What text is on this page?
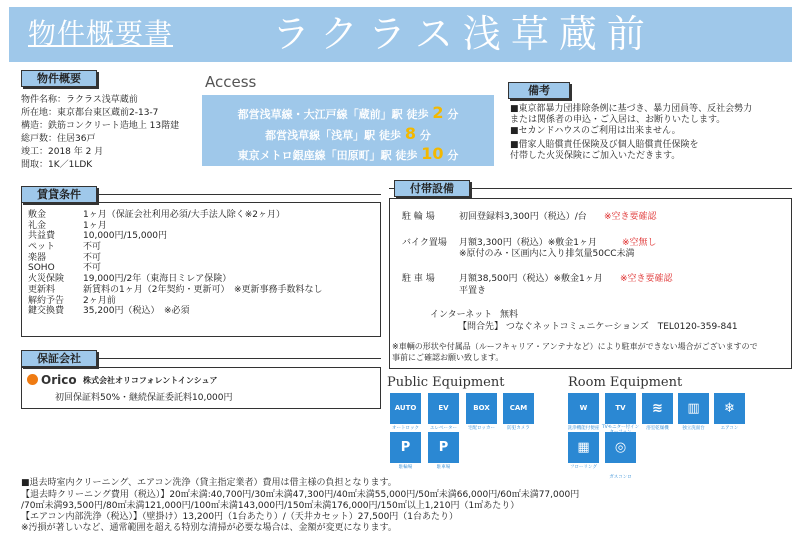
物件概要書	ラクラス浅草蔵前
物件概要
物件名称：ラクラス浅草蔵前
所在地：東京都台東区蔵前2-13-7
構造：鉄筋コンクリート造地上 13階建
総戸数：住居36戸
竣工：2018 年 2 月
間取：1K／1LDK
Access
都営浅草線・大江戸線「蔵前」駅 徒歩 2 分
都営浅草線「浅草」駅 徒歩 8 分
東京メトロ銀座線「田原町」駅 徒歩 10 分
備考
■東京都暴力団排除条例に基づき、暴力団員等、反社会勢力
または関係者の申込・ご入居は、お断りいたします。
■セカンドハウスのご利用は出来ません。
■借家人賠償責任保険及び個人賠償責任保険を
付帯した火災保険にご加入いただきます。
賃貸条件
敷金	1ヶ月（保証会社利用必須/大手法人除く※2ヶ月）
礼金	1ヶ月
共益費	10,000円/15,000円
ペット	不可
楽器	不可
SOHO	不可
火災保険	19,000円/2年（東海日ミレア保険）
更新料	新賃料の1ヶ月（2年契約・更新可）　※更新事務手数料なし
解約予告	2ヶ月前
鍵交換費	35,200円（税込）　※必須
付帯設備
駐 輪 場	初回登録料3,300円（税込）/台 ※空き要確認
バイク置場 月額3,300円（税込）※敷金1ヶ月	※空無し
※原付のみ・区画内に入り排気量50CC未満
駐 車 場	月額38,500円（税込）※敷金1ヶ月 ※空き要確認
平置き
インターネット 無料
【問合先】 つなぐネットコミュニケーションズ　TEL0120-359-841
※車輌の形状や付属品（ルーフキャリア・アンテナなど）により駐車ができない場合がございますので
事前にご確認お願い致します。
保証会社
Orico 株式会社オリコフォレントインシュア
初回保証料50%・継続保証委託料10,000円
Public Equipment
AUTO
オートロック
EV
エレベーター
BOX
宅配ロッカー
CAM
防犯カメラ
P
駐輪場
P
駐車場
Room Equipment
W
洗浄機能付便座
TV
TVモニター付イン
≋
浴室乾燥機
▥
独立洗面台
❄
エアコン
▦
フローリング
◎
ガスコンロ
■退去時室内クリーニング、エアコン洗浄（貸主指定業者）費用は借主様の負担となります。
【退去時クリーニング費用（税込）】20㎡未満:40,700円/30㎡未満47,300円/40㎡未満55,000円/50㎡未満66,000円/60㎡未満77,000円
/70㎡未満93,500円/80㎡未満121,000円/100㎡未満143,000円/150㎡未満176,000円/150㎡以上1,210円（1㎡あたり）
【エアコン内部洗浄（税込）】（壁掛け）13,200円（1台あたり）/（天井カセット）27,500円（1台あたり）
※汚損が著しいなど、通常範囲を超える特別な清掃が必要な場合は、金額が変更になります。
